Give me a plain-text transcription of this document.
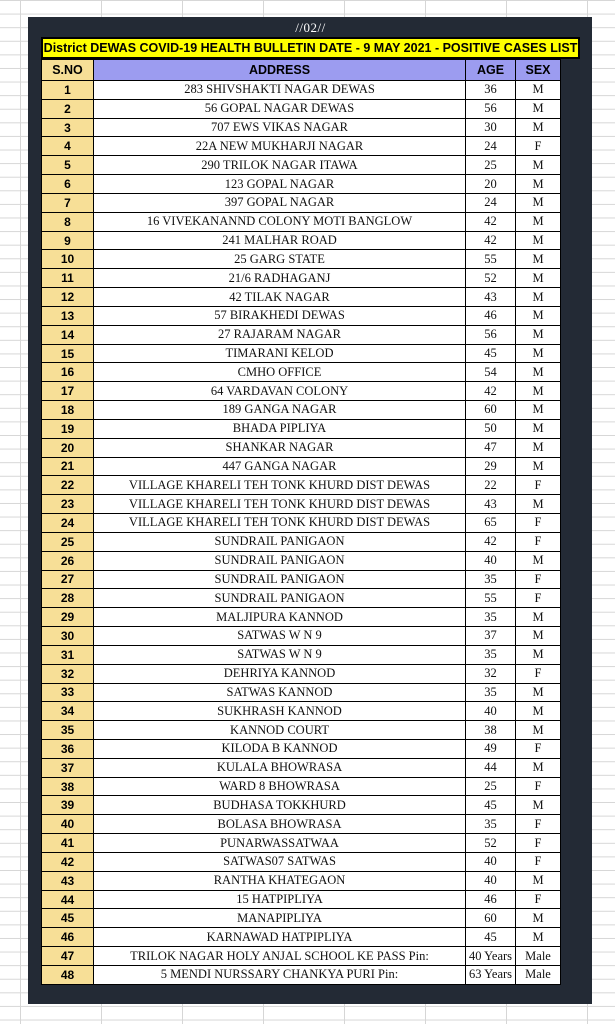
//02//
District DEWAS COVID-19 HEALTH BULLETIN DATE - 9 MAY 2021 - POSITIVE CASES LIST
S.NO	ADDRESS	AGE	SEX
1	283 SHIVSHAKTI NAGAR DEWAS	36	M
2	56 GOPAL NAGAR DEWAS	56	M
3	707 EWS VIKAS NAGAR	30	M
4	22A NEW MUKHARJI NAGAR	24	F
5	290 TRILOK NAGAR ITAWA	25	M
6	123 GOPAL NAGAR	20	M
7	397 GOPAL NAGAR	24	M
8	16 VIVEKANANND COLONY MOTI BANGLOW	42	M
9	241 MALHAR ROAD	42	M
10	25 GARG STATE	55	M
11	21/6 RADHAGANJ	52	M
12	42 TILAK NAGAR	43	M
13	57 BIRAKHEDI DEWAS	46	M
14	27 RAJARAM NAGAR	56	M
15	TIMARANI KELOD	45	M
16	CMHO OFFICE	54	M
17	64 VARDAVAN COLONY	42	M
18	189 GANGA NAGAR	60	M
19	BHADA PIPLIYA	50	M
20	SHANKAR NAGAR	47	M
21	447 GANGA NAGAR	29	M
22	VILLAGE KHARELI TEH TONK KHURD DIST DEWAS	22	F
23	VILLAGE KHARELI TEH TONK KHURD DIST DEWAS	43	M
24	VILLAGE KHARELI TEH TONK KHURD DIST DEWAS	65	F
25	SUNDRAIL PANIGAON	42	F
26	SUNDRAIL PANIGAON	40	M
27	SUNDRAIL PANIGAON	35	F
28	SUNDRAIL PANIGAON	55	F
29	MALJIPURA KANNOD	35	M
30	SATWAS W N 9	37	M
31	SATWAS W N 9	35	M
32	DEHRIYA KANNOD	32	F
33	SATWAS KANNOD	35	M
34	SUKHRASH KANNOD	40	M
35	KANNOD COURT	38	M
36	KILODA B KANNOD	49	F
37	KULALA BHOWRASA	44	M
38	WARD 8 BHOWRASA	25	F
39	BUDHASA TOKKHURD	45	M
40	BOLASA BHOWRASA	35	F
41	PUNARWASSATWAA	52	F
42	SATWAS07 SATWAS	40	F
43	RANTHA KHATEGAON	40	M
44	15 HATPIPLIYA	46	F
45	MANAPIPLIYA	60	M
46	KARNAWAD HATPIPLIYA	45	M
47	TRILOK NAGAR HOLY ANJAL SCHOOL KE PASS Pin:	40 Years	Male
48	5 MENDI NURSSARY CHANKYA PURI Pin:	63 Years	Male
